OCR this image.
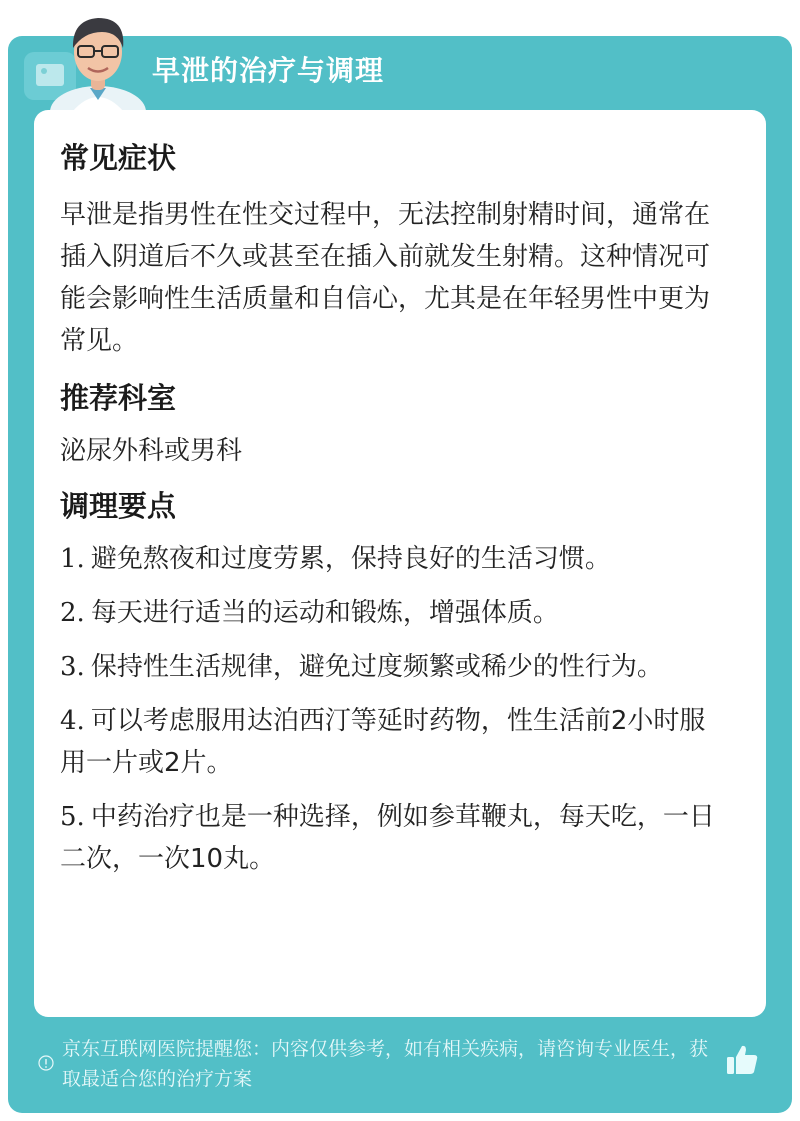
早泄的治疗与调理
常见症状

早泄是指男性在性交过程中，无法控制射精时间，通常在插入阴道后不久或甚至在插入前就发生射精。这种情况可能会影响性生活质量和自信心，尤其是在年轻男性中更为常见。

推荐科室

泌尿外科或男科

调理要点
1. 避免熬夜和过度劳累，保持良好的生活习惯。
2. 每天进行适当的运动和锻炼，增强体质。
3. 保持性生活规律，避免过度频繁或稀少的性行为。
4. 可以考虑服用达泊西汀等延时药物，性生活前2小时服用一片或2片。
5. 中药治疗也是一种选择，例如参茸鞭丸，每天吃，一日二次，一次10丸。
京东互联网医院提醒您：内容仅供参考，如有相关疾病，请咨询专业医生，获取最适合您的治疗方案
